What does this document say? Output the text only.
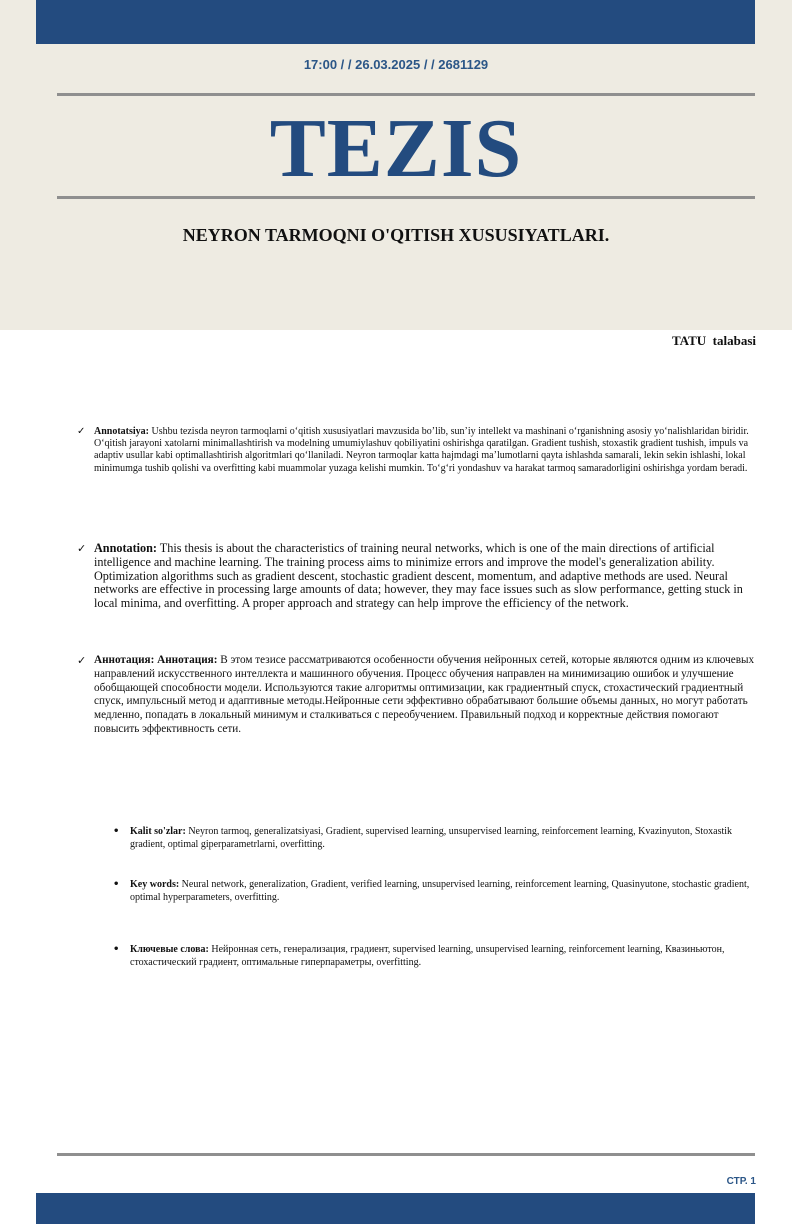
17:00 / / 26.03.2025 / / 2681129
TEZIS
NEYRON TARMOQNI O'QITISH XUSUSIYATLARI.
TATU  talabasi
✓ Annotatsiya: Ushbu tezisda neyron tarmoqlarni oʻqitish xususiyatlari mavzusida bo’lib, sun’iy intellekt va mashinani oʻrganishning asosiy yoʻnalishlaridan biridir. Oʻqitish jarayoni xatolarni minimallashtirish va modelning umumiylashuv qobiliyatini oshirishga qaratilgan. Gradient tushish, stoxastik gradient tushish, impuls va adaptiv usullar kabi optimallashtirish algoritmlari qoʻllaniladi. Neyron tarmoqlar katta hajmdagi maʼlumotlarni qayta ishlashda samarali, lekin sekin ishlashi, lokal minimumga tushib qolishi va overfitting kabi muammolar yuzaga kelishi mumkin. Toʻgʻri yondashuv va harakat tarmoq samaradorligini oshirishga yordam beradi.
✓ Annotation: This thesis is about the characteristics of training neural networks, which is one of the main directions of artificial intelligence and machine learning. The training process aims to minimize errors and improve the model's generalization ability. Optimization algorithms such as gradient descent, stochastic gradient descent, momentum, and adaptive methods are used. Neural networks are effective in processing large amounts of data; however, they may face issues such as slow performance, getting stuck in local minima, and overfitting. A proper approach and strategy can help improve the efficiency of the network.
✓ Аннотация: Аннотация: В этом тезисе рассматриваются особенности обучения нейронных сетей, которые являются одним из ключевых направлений искусственного интеллекта и машинного обучения. Процесс обучения направлен на минимизацию ошибок и улучшение обобщающей способности модели. Используются такие алгоритмы оптимизации, как градиентный спуск, стохастический градиентный спуск, импульсный метод и адаптивные методы.Нейронные сети эффективно обрабатывают большие объемы данных, но могут работать медленно, попадать в локальный минимум и сталкиваться с переобучением. Правильный подход и корректные действия помогают повысить эффективность сети.
• Kalit so'zlar: Neyron tarmoq, generalizatsiyasi, Gradient, supervised learning, unsupervised learning, reinforcement learning, Kvazinyuton, Stoxastik gradient, optimal giperparametrlarni, overfitting.
• Key words: Neural network, generalization, Gradient, verified learning, unsupervised learning, reinforcement learning, Quasinyutone, stochastic gradient, optimal hyperparameters, overfitting.
• Ключевые слова: Нейронная сеть, генерализация, градиент, supervised learning, unsupervised learning, reinforcement learning, Квазиньютон, стохастический градиент, оптимальные гиперпараметры, overfitting.
СТР. 1
